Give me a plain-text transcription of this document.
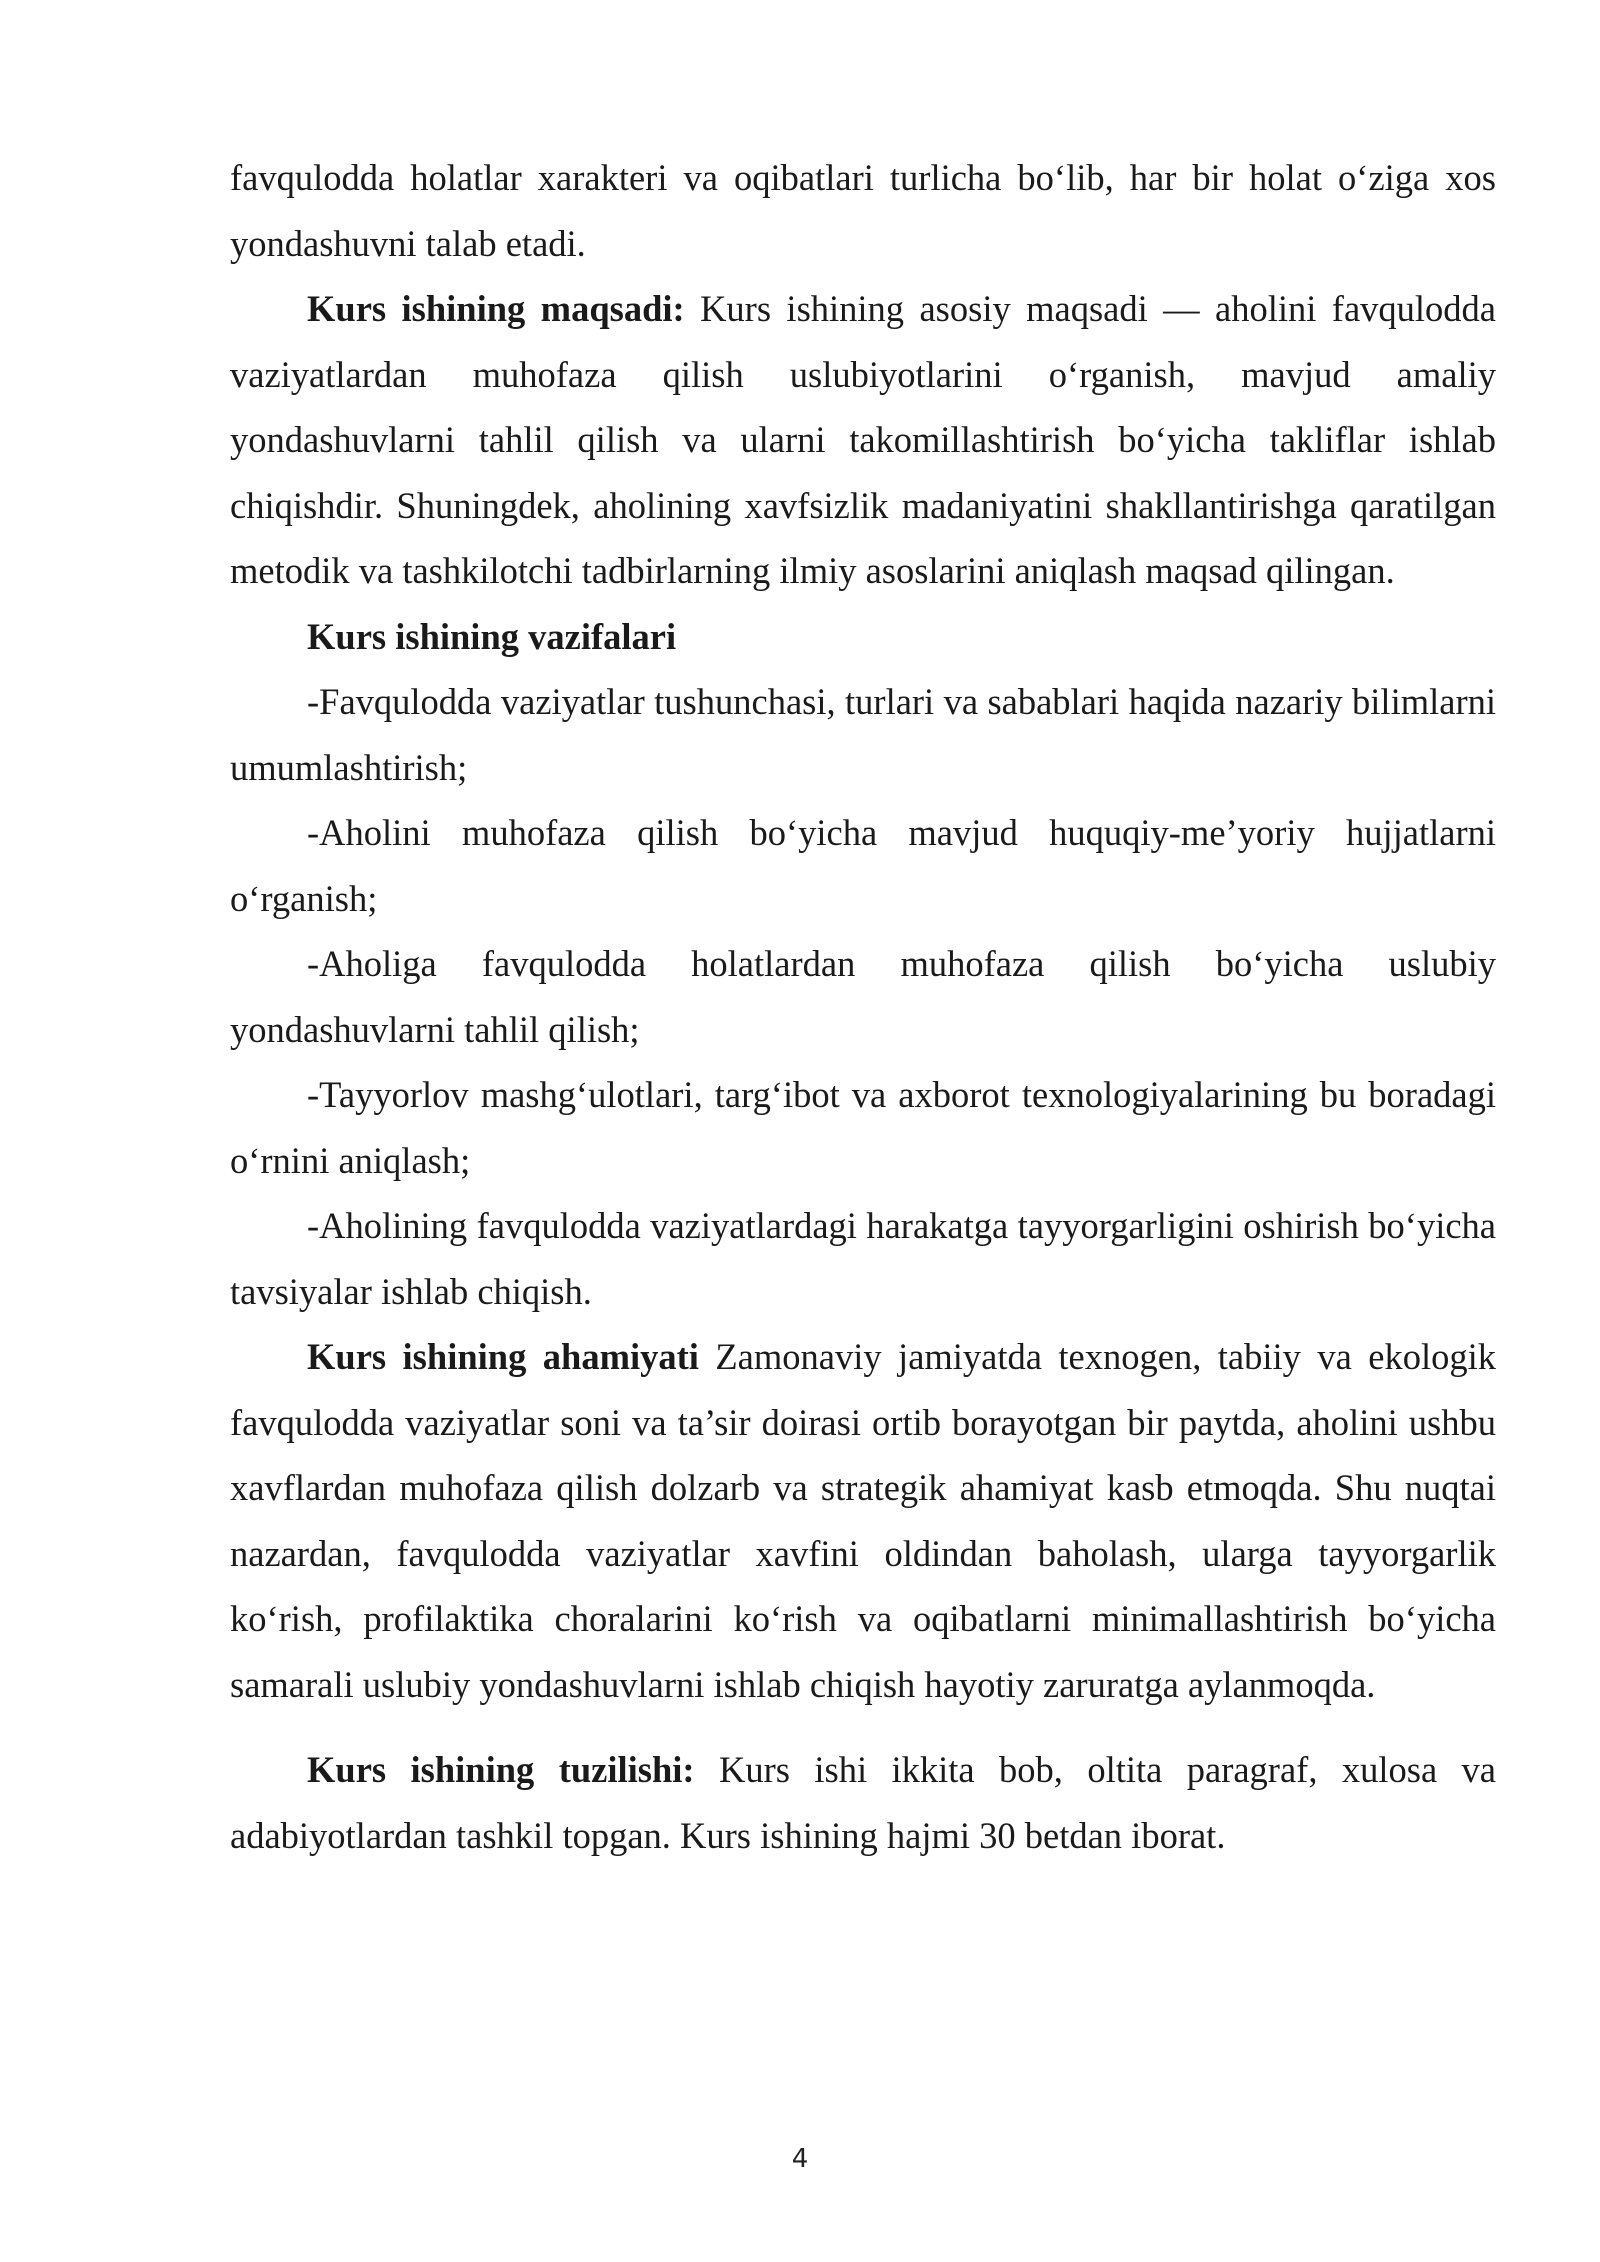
favqulodda holatlar xarakteri va oqibatlari turlicha bo‘lib, har bir holat o‘ziga xos yondashuvni talab etadi.

Kurs ishining maqsadi: Kurs ishining asosiy maqsadi — aholini favqulodda vaziyatlardan muhofaza qilish uslubiyotlarini o‘rganish, mavjud amaliy yondashuvlarni tahlil qilish va ularni takomillashtirish bo‘yicha takliflar ishlab chiqishdir. Shuningdek, aholining xavfsizlik madaniyatini shakllantirishga qaratilgan metodik va tashkilotchi tadbirlarning ilmiy asoslarini aniqlash maqsad qilingan.

Kurs ishining vazifalari

-Favqulodda vaziyatlar tushunchasi, turlari va sabablari haqida nazariy bilimlarni umumlashtirish;

-Aholini muhofaza qilish bo‘yicha mavjud huquqiy-me’yoriy hujjatlarni o‘rganish;

-Aholiga favqulodda holatlardan muhofaza qilish bo‘yicha uslubiy yondashuvlarni tahlil qilish;

-Tayyorlov mashg‘ulotlari, targ‘ibot va axborot texnologiyalarining bu boradagi o‘rnini aniqlash;

-Aholining favqulodda vaziyatlardagi harakatga tayyorgarligini oshirish bo‘yicha tavsiyalar ishlab chiqish.

Kurs ishining ahamiyati Zamonaviy jamiyatda texnogen, tabiiy va ekologik favqulodda vaziyatlar soni va ta’sir doirasi ortib borayotgan bir paytda, aholini ushbu xavflardan muhofaza qilish dolzarb va strategik ahamiyat kasb etmoqda. Shu nuqtai nazardan, favqulodda vaziyatlar xavfini oldindan baholash, ularga tayyorgarlik ko‘rish, profilaktika choralarini ko‘rish va oqibatlarni minimallashtirish bo‘yicha samarali uslubiy yondashuvlarni ishlab chiqish hayotiy zaruratga aylanmoqda.

Kurs ishining tuzilishi: Kurs ishi ikkita bob, oltita paragraf, xulosa va adabiyotlardan tashkil topgan. Kurs ishining hajmi 30 betdan iborat.

4
